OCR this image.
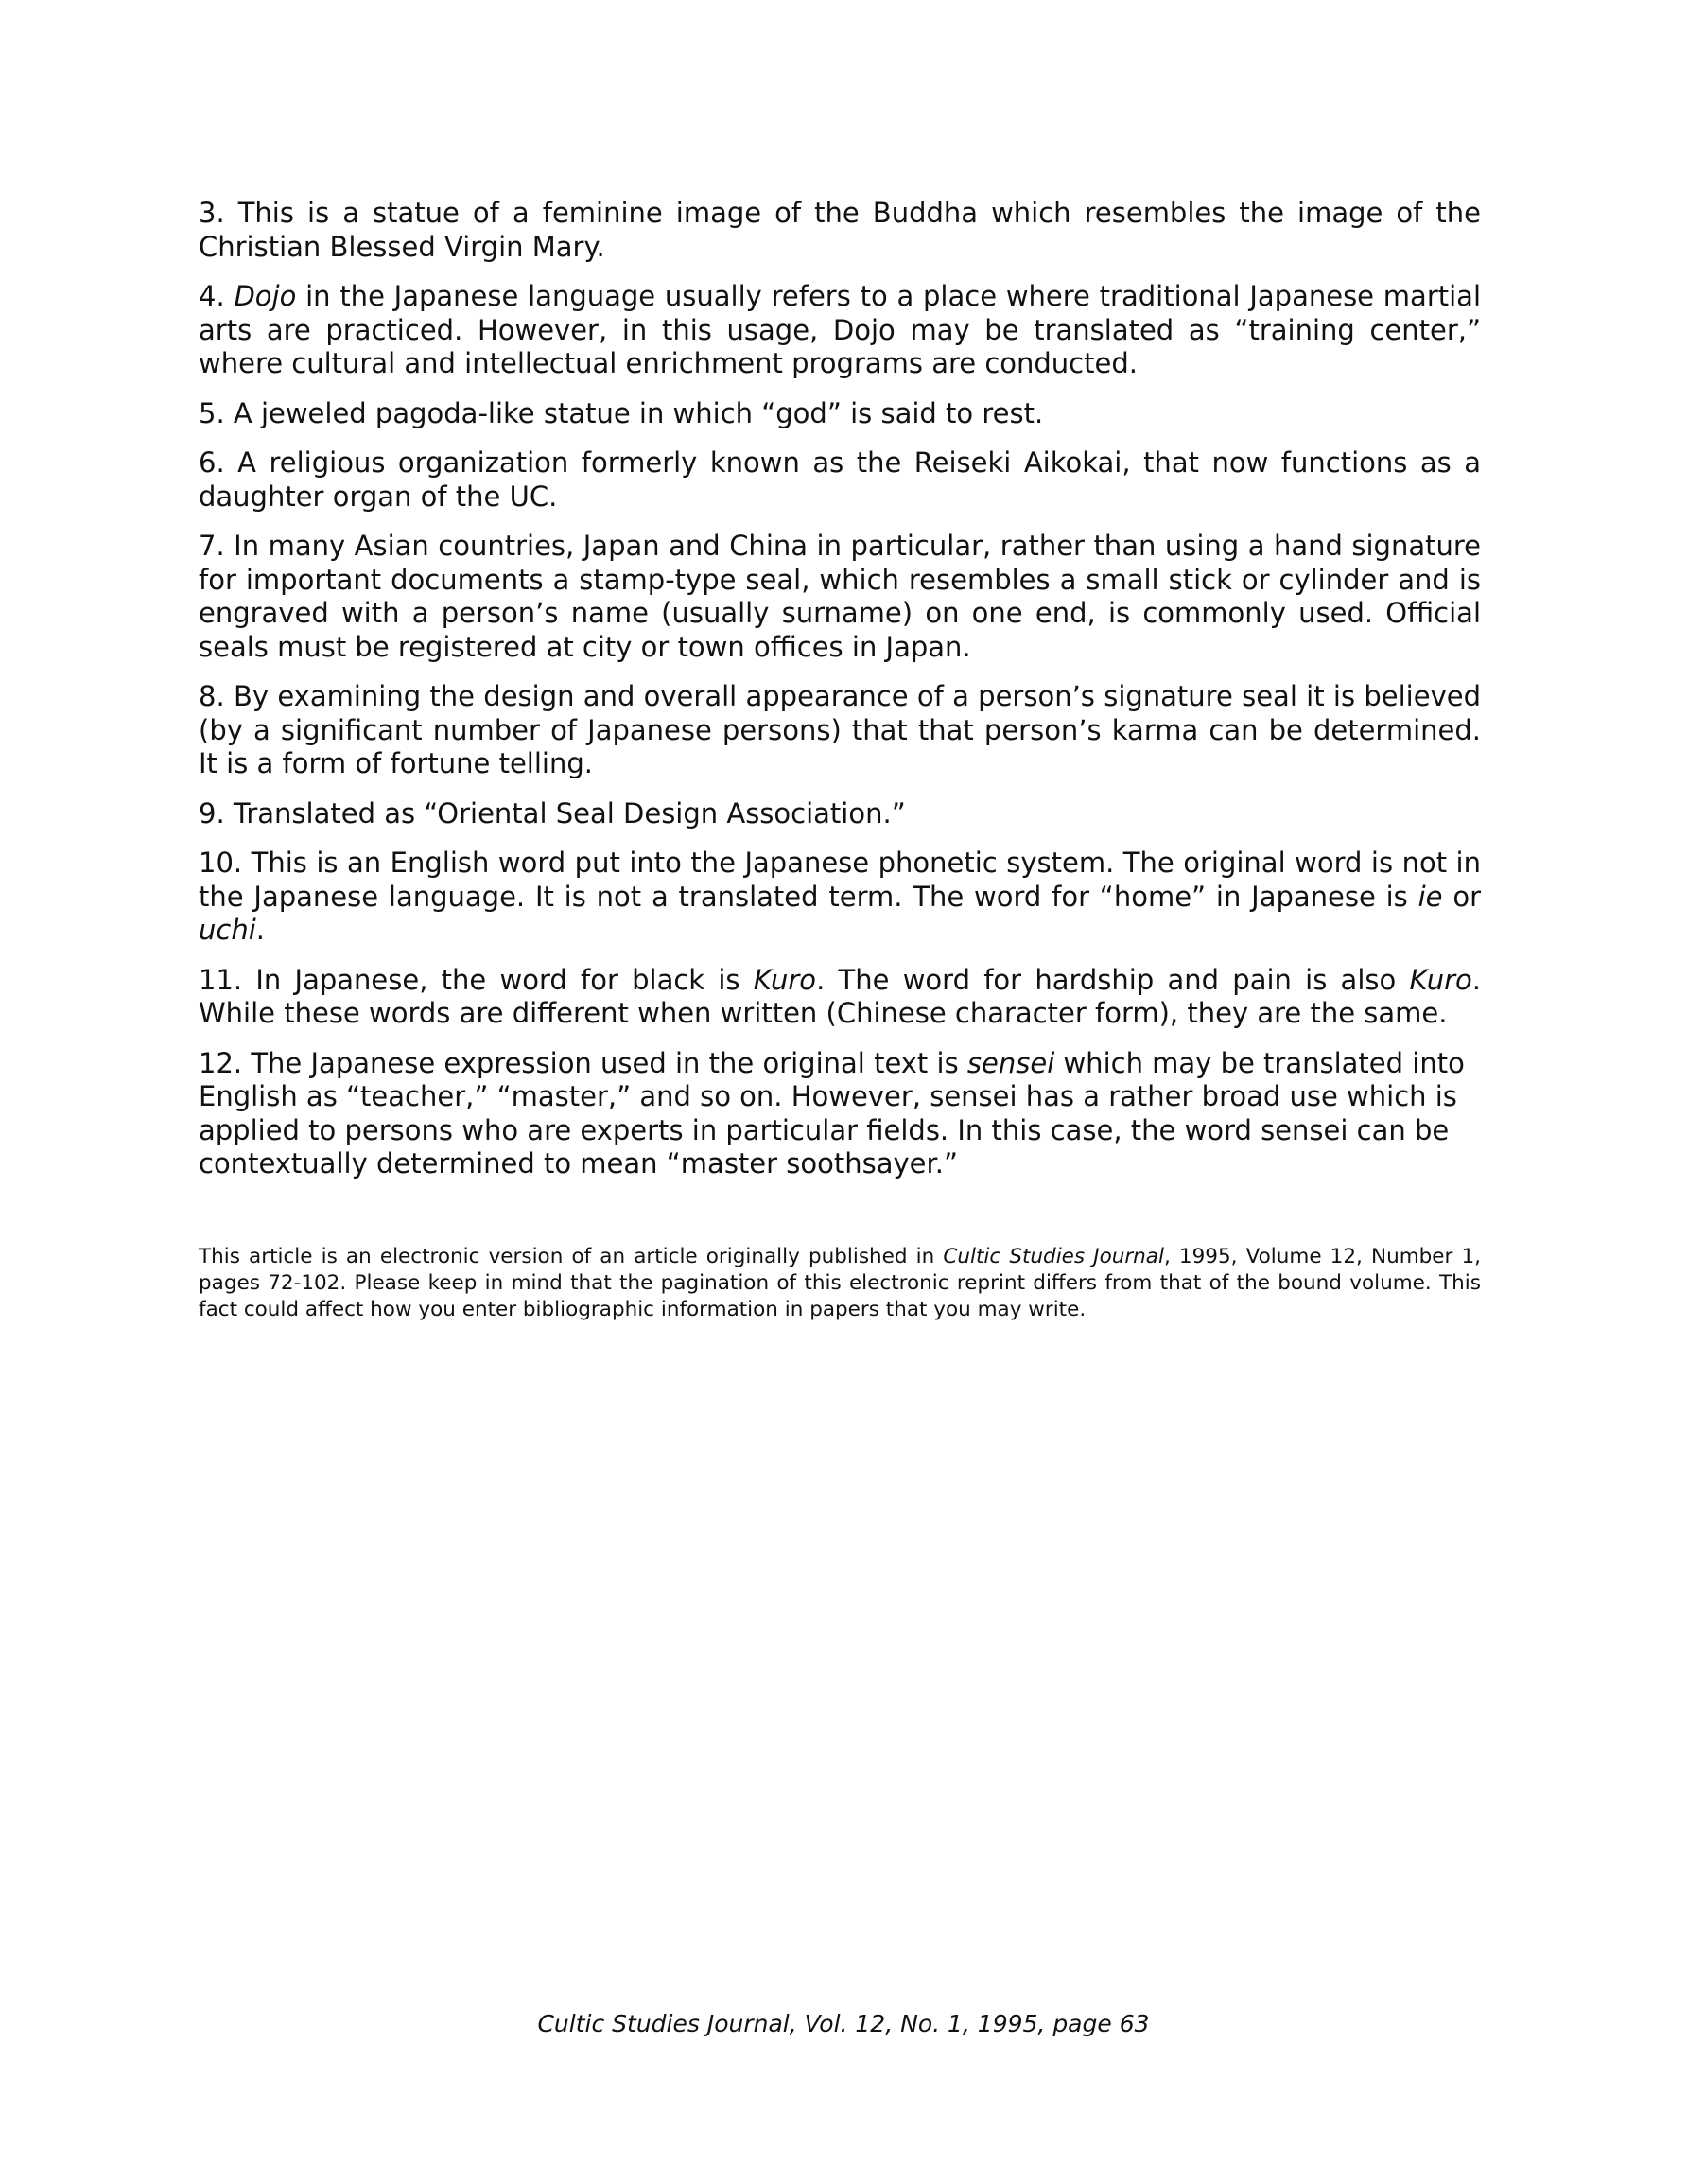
3. This is a statue of a feminine image of the Buddha which resembles the image of the Christian Blessed Virgin Mary.

4. Dojo in the Japanese language usually refers to a place where traditional Japanese martial arts are practiced. However, in this usage, Dojo may be translated as “training center,” where cultural and intellectual enrichment programs are conducted.

5. A jeweled pagoda-like statue in which “god” is said to rest.

6. A religious organization formerly known as the Reiseki Aikokai, that now functions as a daughter organ of the UC.

7. In many Asian countries, Japan and China in particular, rather than using a hand signature for important documents a stamp-type seal, which resembles a small stick or cylinder and is engraved with a person’s name (usually surname) on one end, is commonly used. Official seals must be registered at city or town offices in Japan.

8. By examining the design and overall appearance of a person’s signature seal it is believed (by a significant number of Japanese persons) that that person’s karma can be determined. It is a form of fortune telling.

9. Translated as “Oriental Seal Design Association.”

10. This is an English word put into the Japanese phonetic system. The original word is not in the Japanese language. It is not a translated term. The word for “home” in Japanese is ie or uchi.

11. In Japanese, the word for black is Kuro. The word for hardship and pain is also Kuro. While these words are different when written (Chinese character form), they are the same.

12. The Japanese expression used in the original text is sensei which may be translated into English as “teacher,” “master,” and so on. However, sensei has a rather broad use which is applied to persons who are experts in particular fields. In this case, the word sensei can be contextually determined to mean “master soothsayer.”

This article is an electronic version of an article originally published in Cultic Studies Journal, 1995, Volume 12, Number 1, pages 72-102. Please keep in mind that the pagination of this electronic reprint differs from that of the bound volume. This fact could affect how you enter bibliographic information in papers that you may write.
Cultic Studies Journal, Vol. 12, No. 1, 1995, page 63
